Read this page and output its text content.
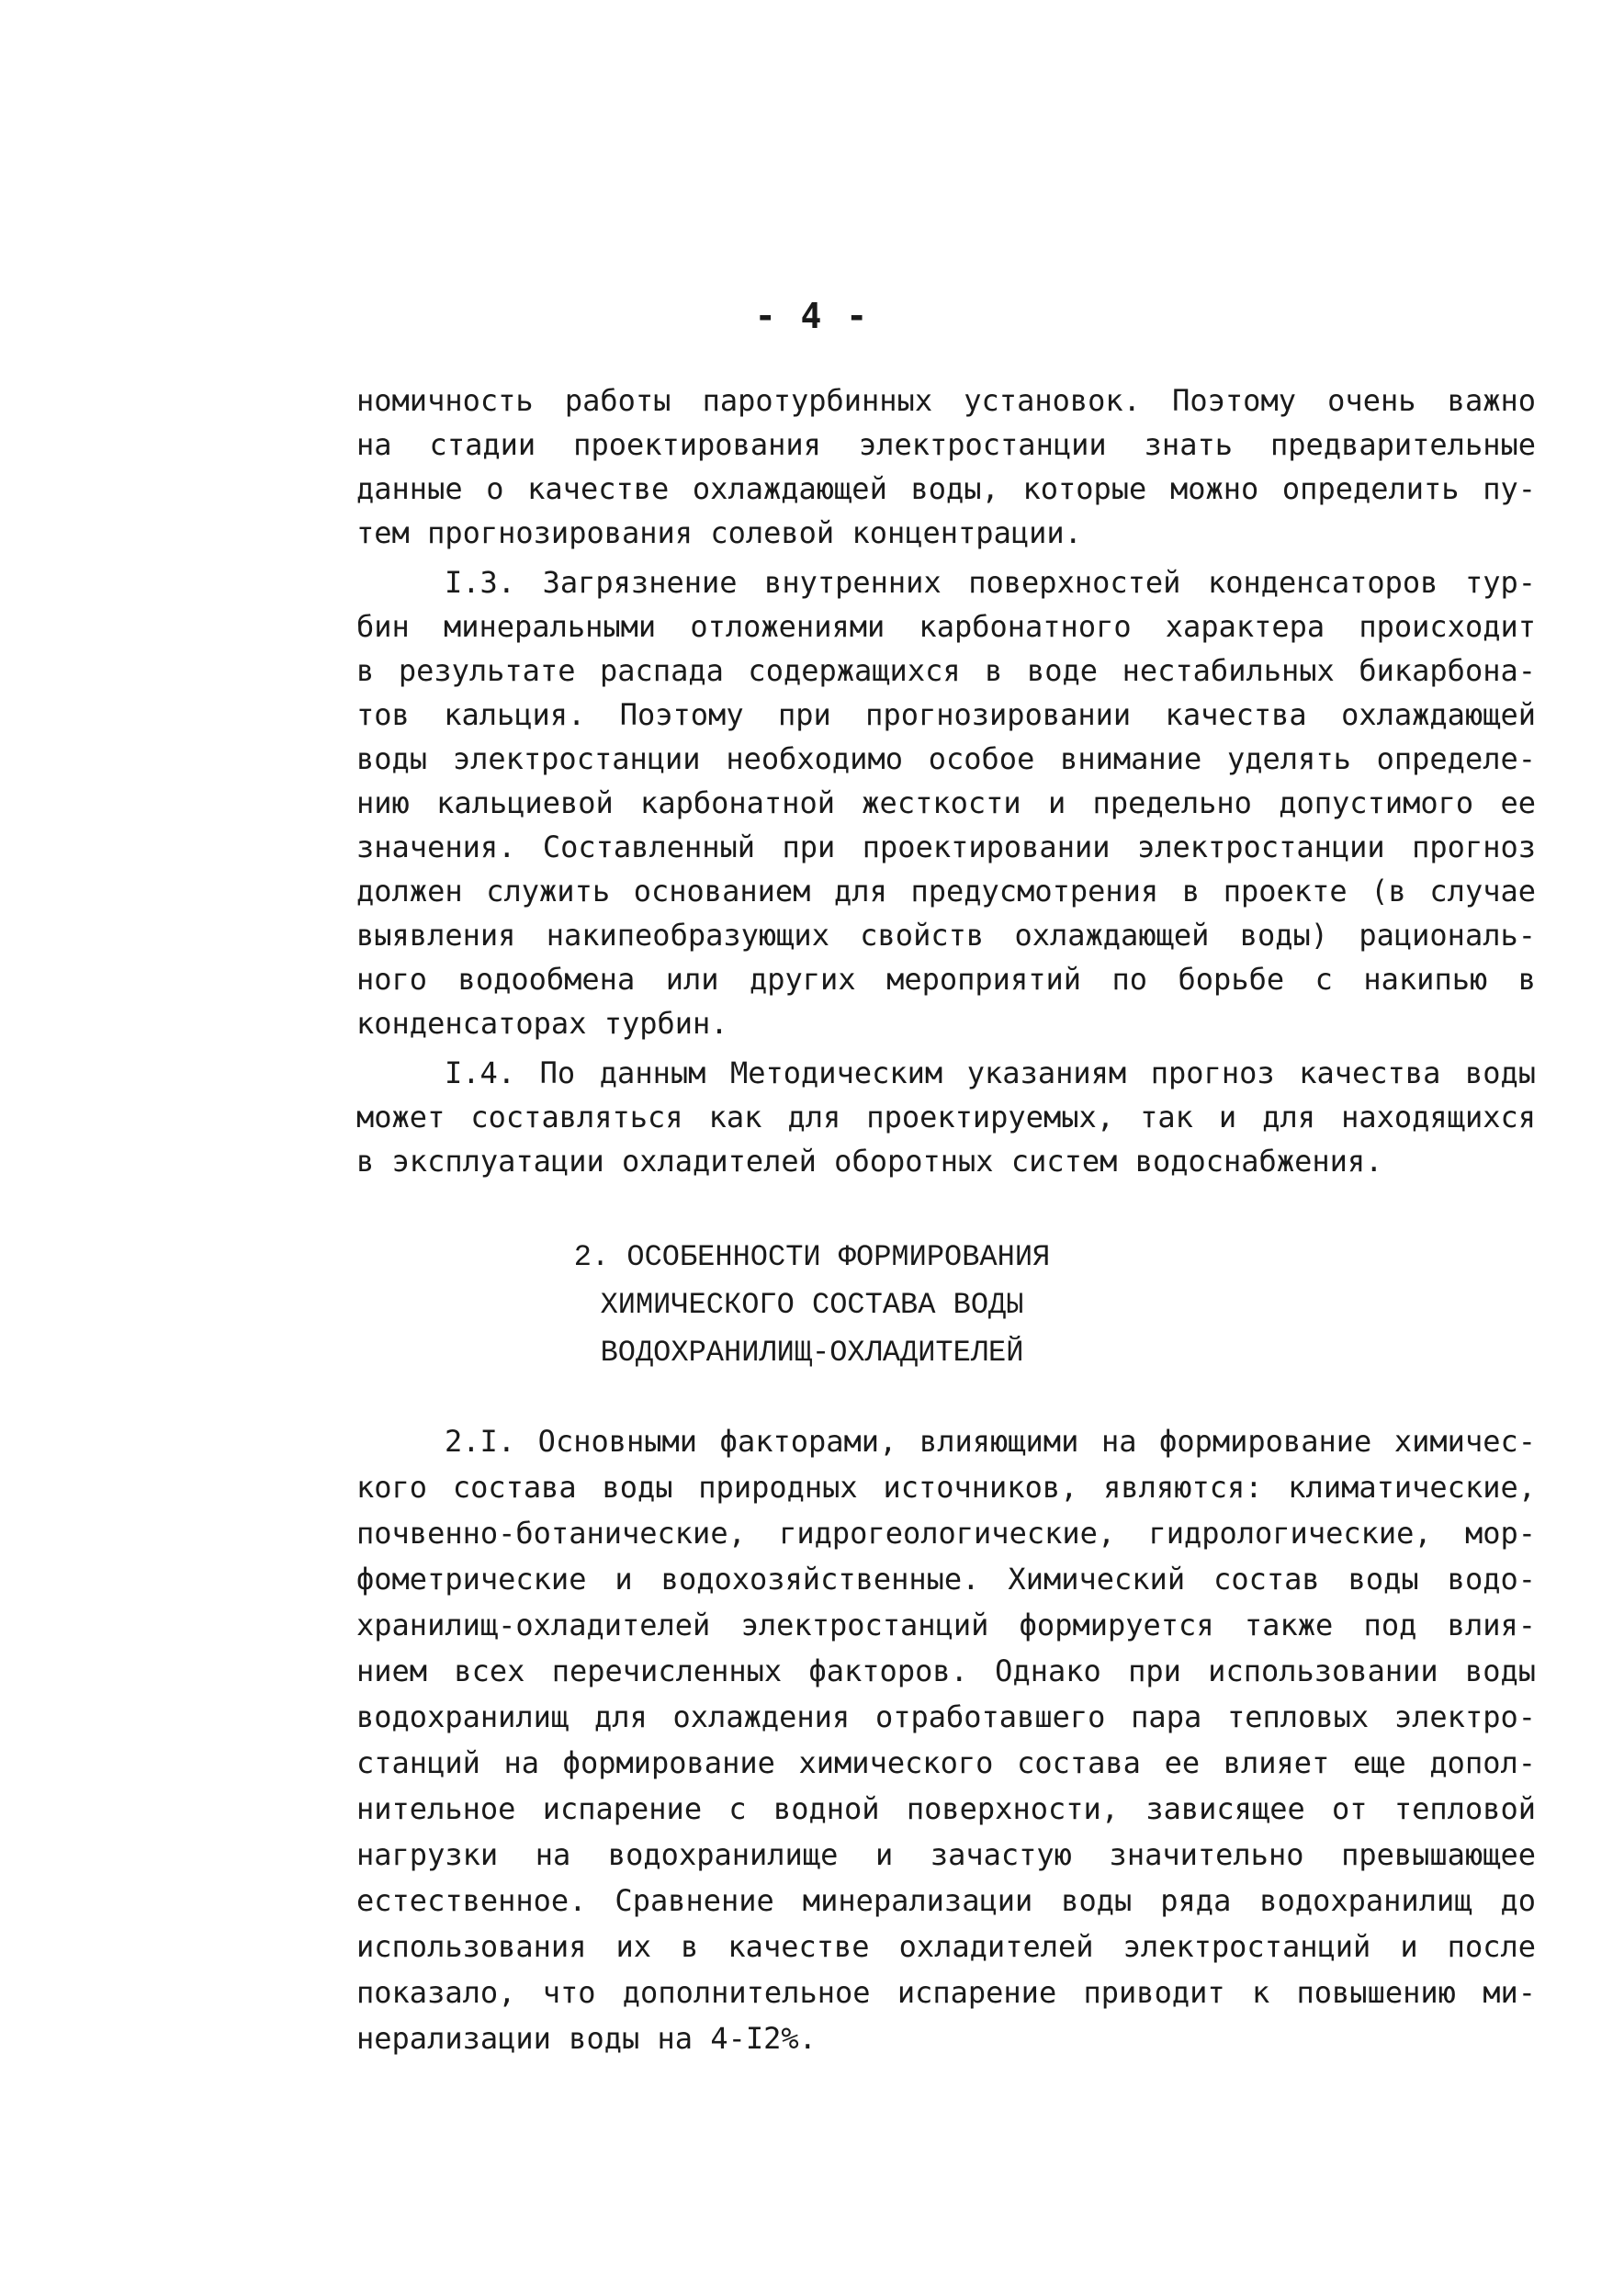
- 4 -
номичность работы паротурбинных установок. Поэтому очень важно
на стадии проектирования электростанции знать предварительные
данные о качестве охлаждающей воды, которые можно определить пу-
тем прогнозирования солевой концентрации.
I.3. Загрязнение внутренних поверхностей конденсаторов тур-
бин минеральными отложениями карбонатного характера происходит
в результате распада содержащихся в воде нестабильных бикарбона-
тов кальция. Поэтому при прогнозировании качества охлаждающей
воды электростанции необходимо особое внимание уделять определе-
нию кальциевой карбонатной жесткости и предельно допустимого ее
значения. Составленный при проектировании электростанции прогноз
должен служить основанием для предусмотрения в проекте (в случае
выявления накипеобразующих свойств охлаждающей воды) рациональ-
ного водообмена или других мероприятий по борьбе с накипью в
конденсаторах турбин.
I.4. По данным Методическим указаниям прогноз качества воды
может составляться как для проектируемых, так и для находящихся
в эксплуатации охладителей оборотных систем водоснабжения.
2. ОСОБЕННОСТИ ФОРМИРОВАНИЯ
ХИМИЧЕСКОГО СОСТАВА ВОДЫ
ВОДОХРАНИЛИЩ-ОХЛАДИТЕЛЕЙ
2.I. Основными факторами, влияющими на формирование химичес-
кого состава воды природных источников, являются: климатические,
почвенно-ботанические, гидрогеологические, гидрологические, мор-
фометрические и водохозяйственные. Химический состав воды водо-
хранилищ-охладителей электростанций формируется также под влия-
нием всех перечисленных факторов. Однако при использовании воды
водохранилищ для охлаждения отработавшего пара тепловых электро-
станций на формирование химического состава ее влияет еще допол-
нительное испарение с водной поверхности, зависящее от тепловой
нагрузки на водохранилище и зачастую значительно превышающее
естественное. Сравнение минерализации воды ряда водохранилищ до
использования их в качестве охладителей электростанций и после
показало, что дополнительное испарение приводит к повышению ми-
нерализации воды на 4-I2%.
